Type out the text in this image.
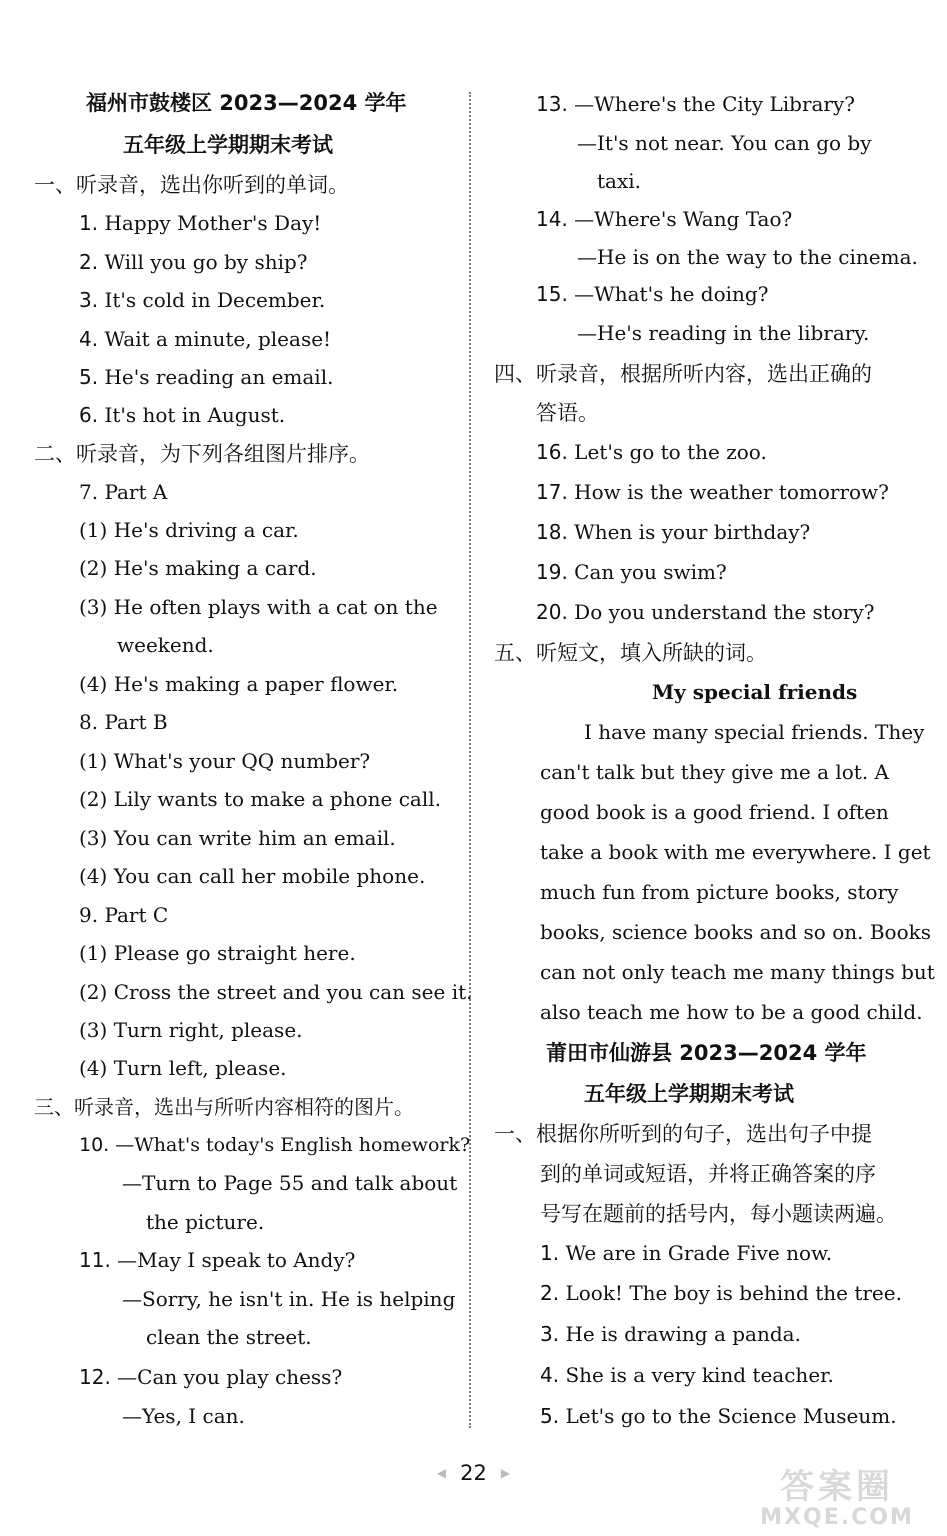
福州市鼓楼区 2023—2024 学年
五年级上学期期末考试
一、听录音，选出你听到的单词。
1. Happy Mother's Day!
2. Will you go by ship?
3. It's cold in December.
4. Wait a minute, please!
5. He's reading an email.
6. It's hot in August.
二、听录音，为下列各组图片排序。
7. Part A
(1) He's driving a car.
(2) He's making a card.
(3) He often plays with a cat on the
weekend.
(4) He's making a paper flower.
8. Part B
(1) What's your QQ number?
(2) Lily wants to make a phone call.
(3) You can write him an email.
(4) You can call her mobile phone.
9. Part C
(1) Please go straight here.
(2) Cross the street and you can see it.
(3) Turn right, please.
(4) Turn left, please.
三、听录音，选出与所听内容相符的图片。
10. —What's today's English homework?
—Turn to Page 55 and talk about
the picture.
11. —May I speak to Andy?
—Sorry, he isn't in. He is helping
clean the street.
12. —Can you play chess?
—Yes, I can.
13. —Where's the City Library?
—It's not near. You can go by
taxi.
14. —Where's Wang Tao?
—He is on the way to the cinema.
15. —What's he doing?
—He's reading in the library.
四、听录音，根据所听内容，选出正确的
答语。
16. Let's go to the zoo.
17. How is the weather tomorrow?
18. When is your birthday?
19. Can you swim?
20. Do you understand the story?
五、听短文，填入所缺的词。
My special friends
I have many special friends. They
can't talk but they give me a lot. A
good book is a good friend. I often
take a book with me everywhere. I get
much fun from picture books, story
books, science books and so on. Books
can not only teach me many things but
also teach me how to be a good child.
莆田市仙游县 2023—2024 学年
五年级上学期期末考试
一、根据你所听到的句子，选出句子中提
到的单词或短语，并将正确答案的序
号写在题前的括号内，每小题读两遍。
1. We are in Grade Five now.
2. Look! The boy is behind the tree.
3. He is drawing a panda.
4. She is a very kind teacher.
5. Let's go to the Science Museum.
◀ 22 ▶	答案圈
MXQE.COM
